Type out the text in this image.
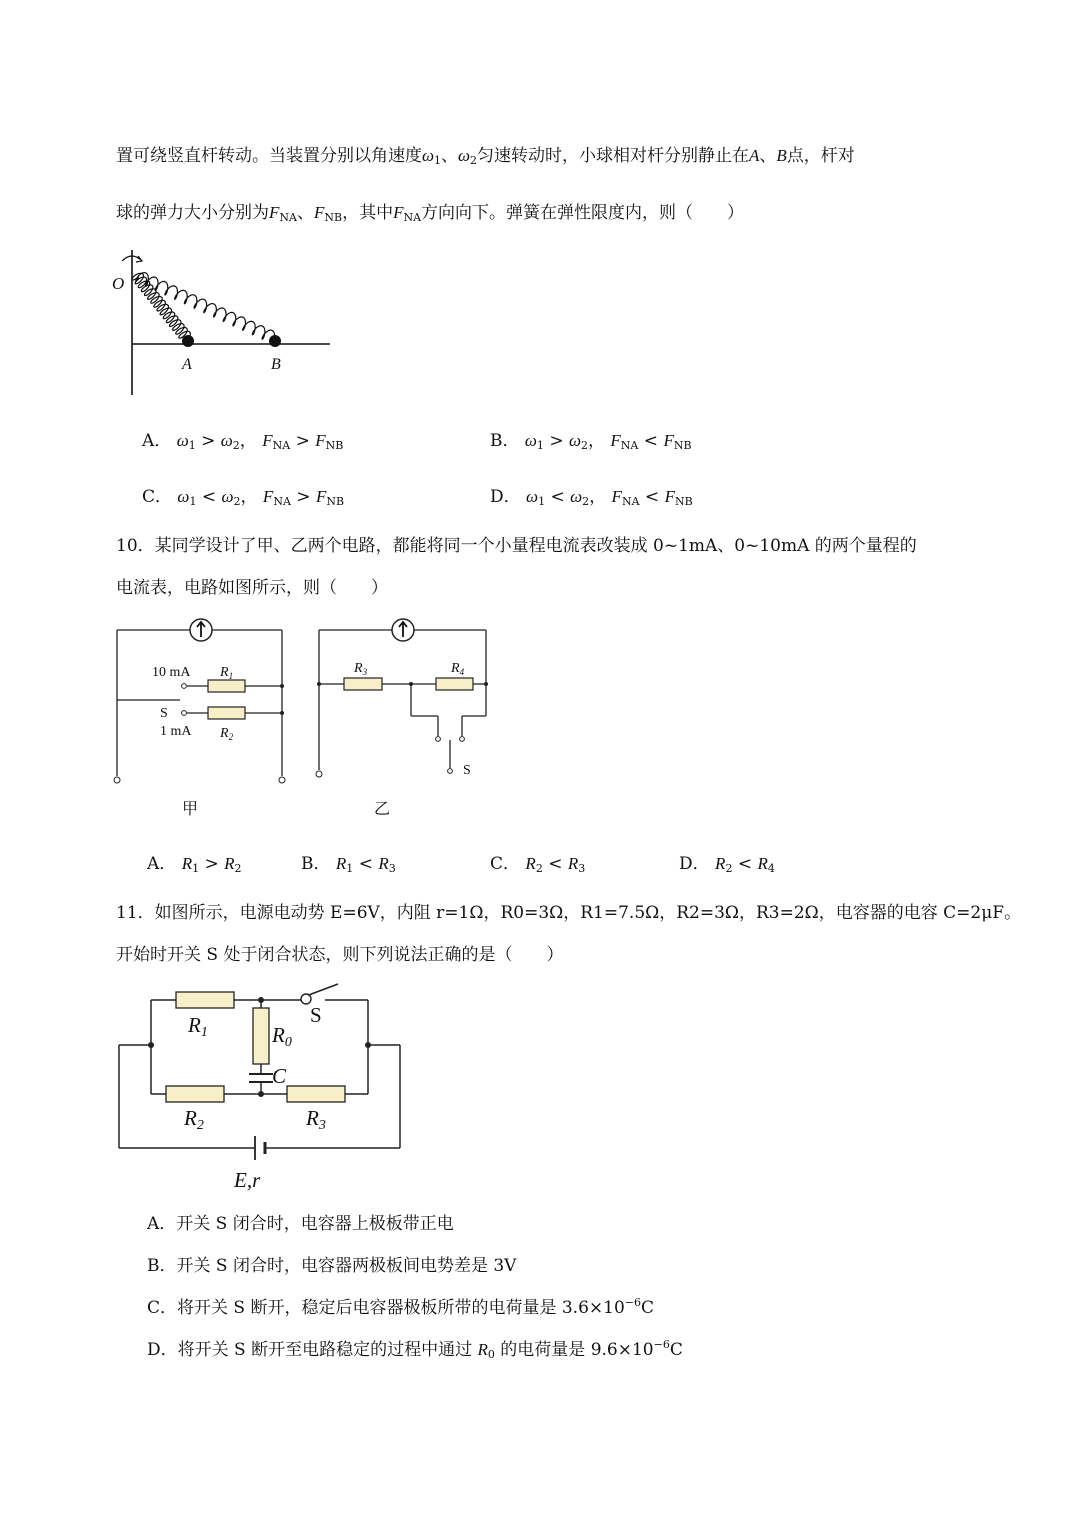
置可绕竖直杆转动。当装置分别以角速度$\omega_1$、$\omega_2$匀速转动时，小球相对杆分别静止在A、B点，杆对
球的弹力大小分别为$F_{NA}$、$F_{NB}$，其中$F_{NA}$方向向下。弹簧在弹性限度内，则（　　）
O
A	B
A． $\omega_1 > \omega_2$， $F_{NA} > F_{NB}$	B． $\omega_1 > \omega_2$， $F_{NA} < F_{NB}$
C． $\omega_1 < \omega_2$， $F_{NA} > F_{NB}$	D． $\omega_1 < \omega_2$， $F_{NA} < F_{NB}$
10．某同学设计了甲、乙两个电路，都能将同一个小量程电流表改装成 0~1mA、0~10mA 的两个量程的
电流表，电路如图所示，则（　　）
10 mA $R_1$
S
1 mA $R_2$
甲
$R_3$	$R_4$
S
乙
A． $R_1 > R_2$	B． $R_1 < R_3$	C． $R_2 < R_3$	D． $R_2 < R_4$
11．如图所示，电源电动势 E=6V，内阻 r=1Ω，R0=3Ω，R1=7.5Ω，R2=3Ω，R3=2Ω，电容器的电容 C=2μF。
开始时开关 S 处于闭合状态，则下列说法正确的是（　　）
R1	R0
C
R2	R3
S
E,r
A．开关 S 闭合时，电容器上极板带正电
B．开关 S 闭合时，电容器两极板间电势差是 3V
C．将开关 S 断开，稳定后电容器极板所带的电荷量是 $3.6\times 10^{-6}C$
D．将开关 S 断开至电路稳定的过程中通过 $R_0$ 的电荷量是 $9.6\times 10^{-6}C$
